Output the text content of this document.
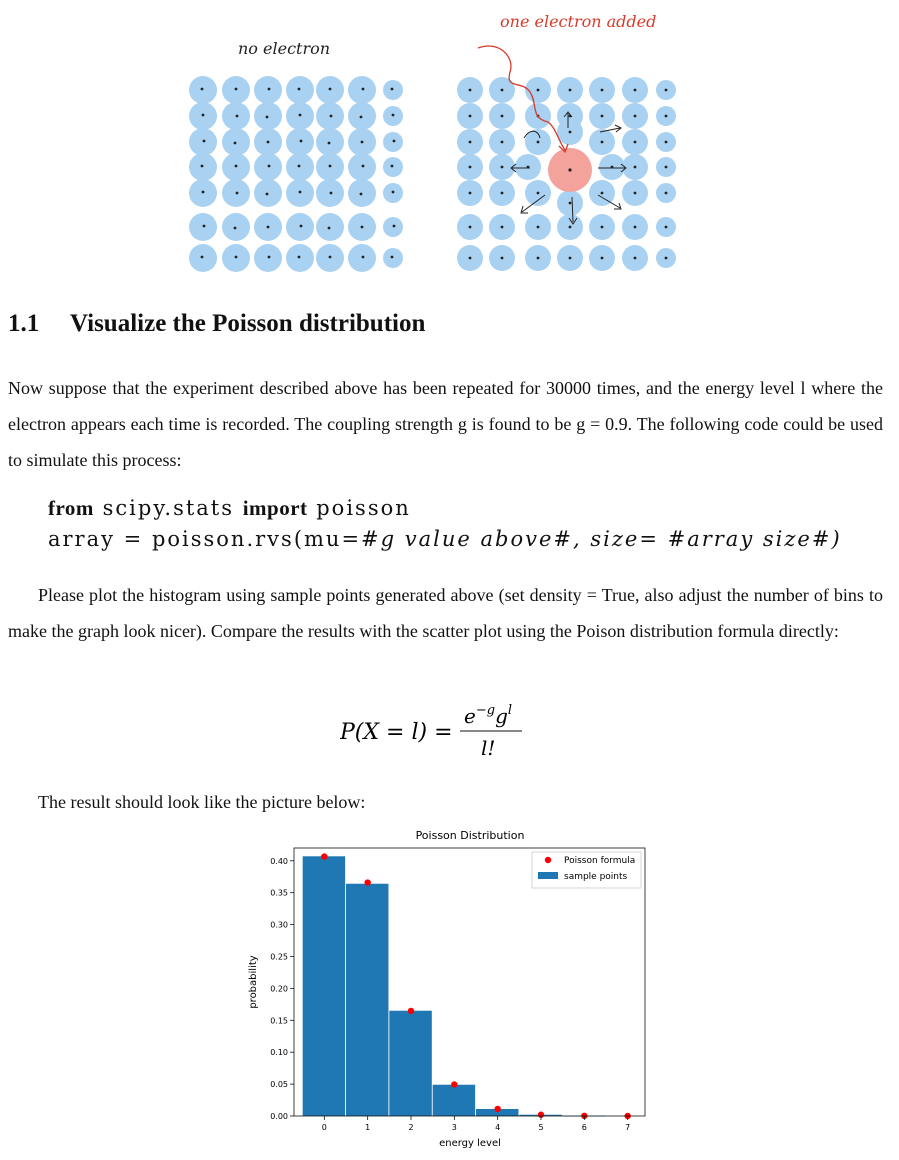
no electron
one electron added
1.1 Visualize the Poisson distribution
Now suppose that the experiment described above has been repeated for 30000 times, and the energy level l where the electron appears each time is recorded. The coupling strength g is found to be g = 0.9. The following code could be used to simulate this process:
from scipy.stats import poisson
array = poisson.rvs(mu=#g value above#, size= #array size#)
Please plot the histogram using sample points generated above (set density = True, also adjust the number of bins to make the graph look nicer). Compare the results with the scatter plot using the Poison distribution formula directly:
P(X = l) =
$e^{-g}g^l$
l!
The result should look like the picture below:
Poisson Distribution
0.00
0.05
0.10
0.15
0.20
0.25
0.30
0.35
0.40
0	1	2	3	4	5	6	7
energy level
probability
Poisson formula
sample points
